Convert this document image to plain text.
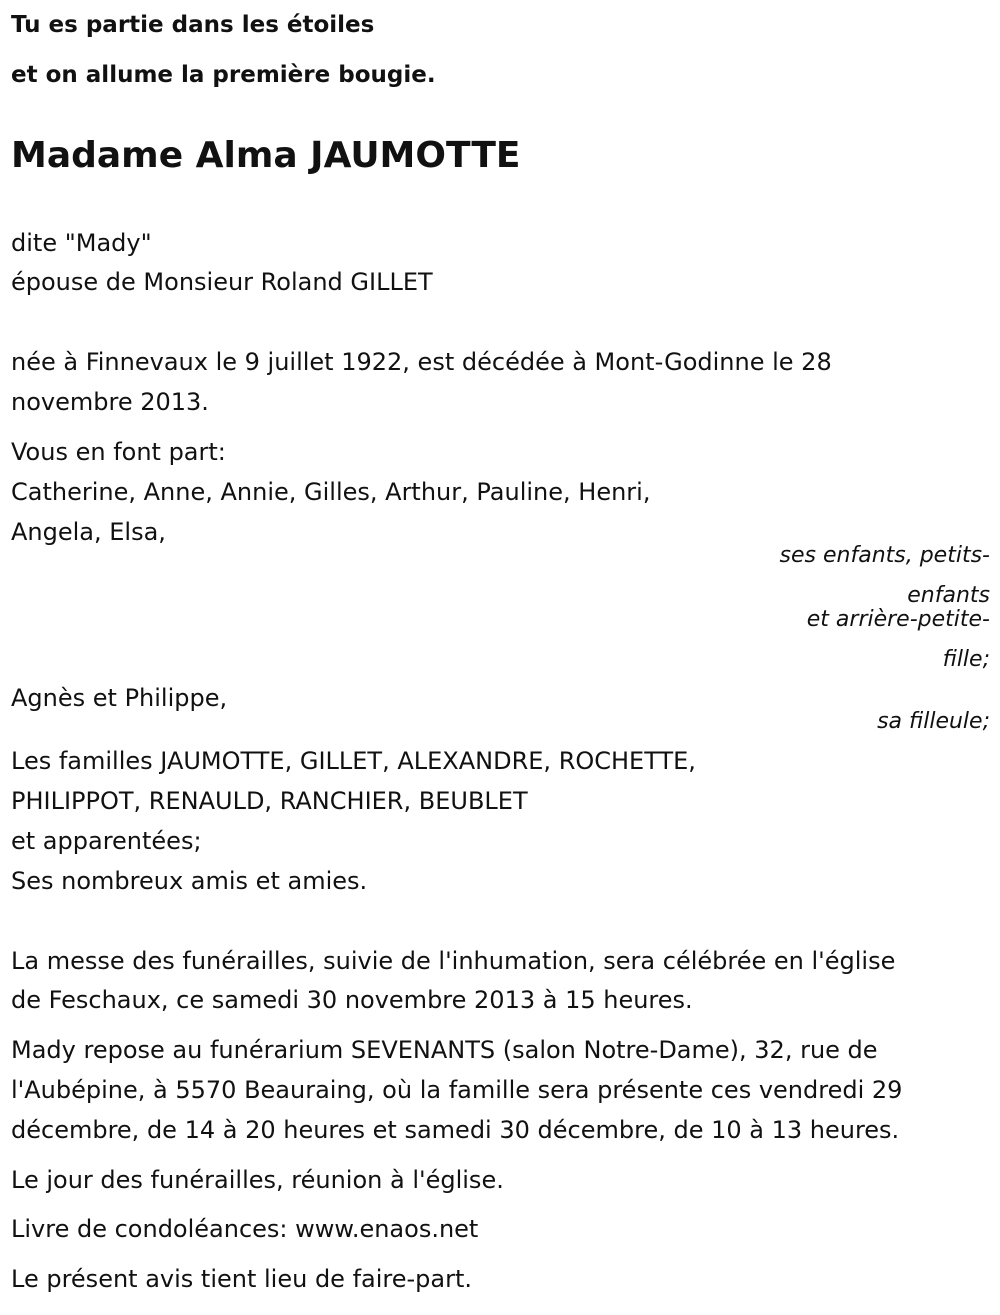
Tu es partie dans les étoiles
et on allume la première bougie.
Madame Alma JAUMOTTE
dite "Mady"
épouse de Monsieur Roland GILLET
née à Finnevaux le 9 juillet 1922, est décédée à Mont-Godinne le 28
novembre 2013.
Vous en font part:
Catherine, Anne, Annie, Gilles, Arthur, Pauline, Henri,
Angela, Elsa,
ses enfants, petits-
enfants
et arrière-petite-
fille;
Agnès et Philippe,
sa filleule;
Les familles JAUMOTTE, GILLET, ALEXANDRE, ROCHETTE,
PHILIPPOT, RENAULD, RANCHIER, BEUBLET
et apparentées;
Ses nombreux amis et amies.
La messe des funérailles, suivie de l'inhumation, sera célébrée en l'église
de Feschaux, ce samedi 30 novembre 2013 à 15 heures.
Mady repose au funérarium SEVENANTS (salon Notre-Dame), 32, rue de
l'Aubépine, à 5570 Beauraing, où la famille sera présente ces vendredi 29
décembre, de 14 à 20 heures et samedi 30 décembre, de 10 à 13 heures.
Le jour des funérailles, réunion à l'église.
Livre de condoléances: www.enaos.net
Le présent avis tient lieu de faire-part.
